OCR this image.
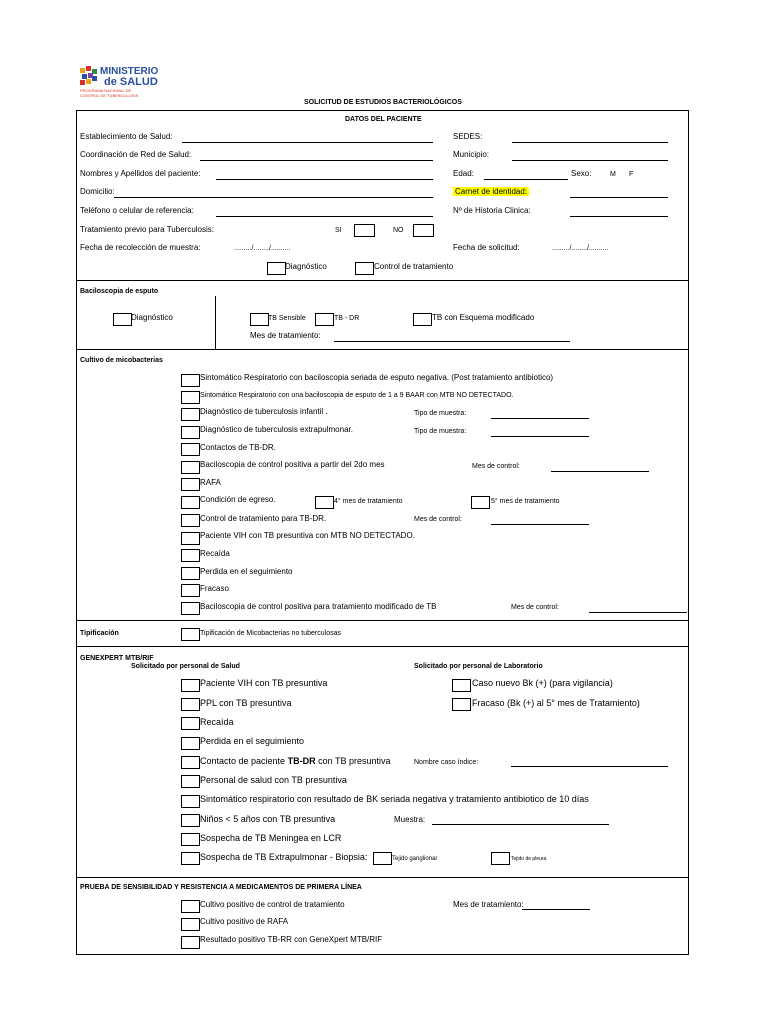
MINISTERIO
de SALUD
PROGRAMA NACIONAL DE
CONTROL DE TUBERCULOSIS
SOLICITUD DE ESTUDIOS BACTERIOLÓGICOS
DATOS DEL PACIENTE
Establecimiento de Salud:	SEDES:
Coordinación de Red de Salud:	Municipio:
Nombres y Apellidos del paciente:	Edad:	Sexo:	M F
Domicilio:	Carnet de identidad:
Teléfono o celular de referencia:	Nº de Historia Clinica:
Tratamiento previo para Tuberculosis:	SI	NO
Fecha de recolección de muestra:	........./......../..........	Fecha de solicitud:	........./......../..........
Diagnóstico	Control de tratamiento
Baciloscopia de esputo
Diagnóstico	TB Sensible	TB - DR	TB con Esquema modificado
Mes de tratamiento:
Cultivo de micobacterias
Sintomático Respiratorio con baciloscopia seriada de esputo negativa. (Post tratamiento antibiotico)
Sintomático Respiratorio con una baciloscopia de esputo de 1 a 9 BAAR con MTB NO DETECTADO.
Diagnóstico de tuberculosis infantil .	Tipo de muestra:
Diagnóstico de tuberculosis extrapulmonar.	Tipo de muestra:
Contactos de TB-DR.
Baciloscopia de control positiva a partir del 2do mes	Mes de control:
RAFA
Condición de egreso.	4° mes de tratamiento	5° mes de tratamiento
Control de tratamiento para TB-DR.	Mes de control:
Paciente VIH con TB presuntiva con MTB NO DETECTADO.
Recaída
Perdida en el seguimiento
Fracaso
Baciloscopia de control positiva para tratamiento modificado de TB	Mes de control:
Tipificación	Tipificación de Micobacterias no tuberculosas
GENEXPERT MTB/RIF
Solicitado por personal de Salud	Solicitado por personal de Laboratorio
Paciente VIH con TB presuntiva	Caso nuevo Bk (+) (para vigilancia)
PPL con TB presuntiva	Fracaso (Bk (+) al 5° mes de Tratamiento)
Recaída
Perdida en el seguimiento
Contacto de paciente TB-DR con TB presuntiva	Nombre caso índice:
Personal de salud con TB presuntiva
Sintomático respiratorio con resultado de BK seriada negativa y tratamiento antibiotico de 10 días
Niños < 5 años con TB presuntiva	Muestra:
Sospecha de TB Meningea en LCR
Sospecha de TB Extrapulmonar - Biopsia:	Tejido ganglionar	Tejido de pleura
PRUEBA DE SENSIBILIDAD Y RESISTENCIA A MEDICAMENTOS DE PRIMERA LÍNEA
Cultivo positivo de control de tratamiento	Mes de tratamiento:
Cultivo positivo de RAFA
Resultado positivo TB-RR con GeneXpert MTB/RIF
